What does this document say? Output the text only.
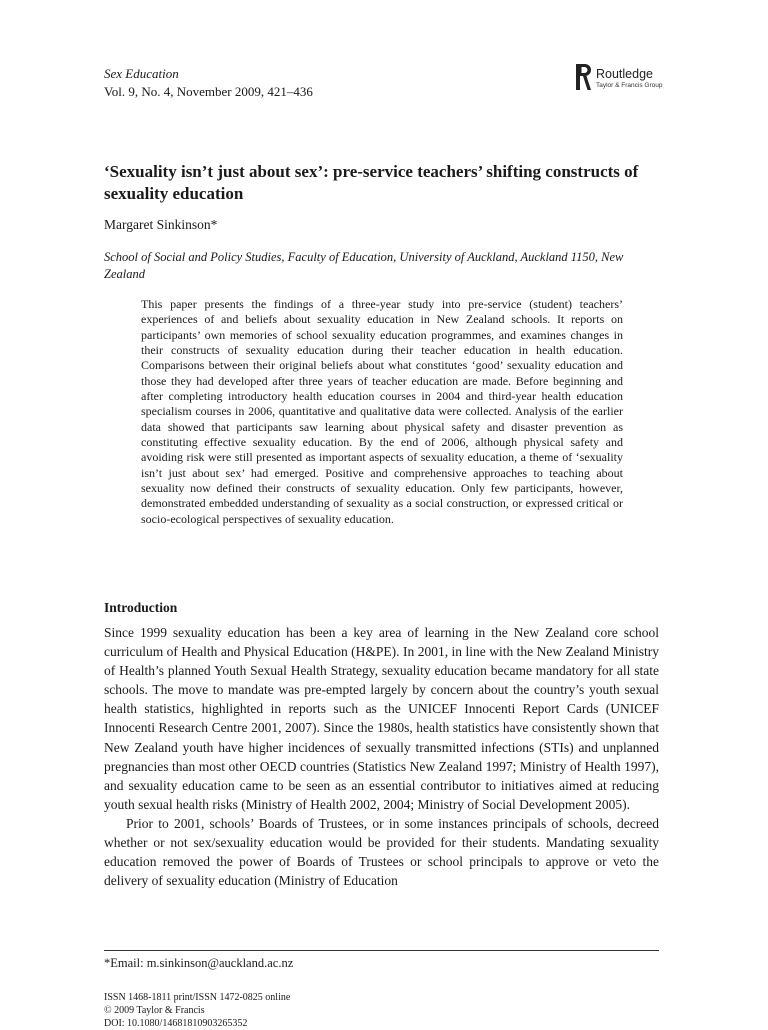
Sex Education
Vol. 9, No. 4, November 2009, 421–436
Routledge
Taylor & Francis Group
‘Sexuality isn’t just about sex’: pre-service teachers’ shifting constructs of sexuality education
Margaret Sinkinson*
School of Social and Policy Studies, Faculty of Education, University of Auckland, Auckland 1150, New Zealand
This paper presents the findings of a three-year study into pre-service (student) teachers’ experiences of and beliefs about sexuality education in New Zealand schools. It reports on participants’ own memories of school sexuality education programmes, and examines changes in their constructs of sexuality education during their teacher education in health education. Comparisons between their original beliefs about what constitutes ‘good’ sexuality education and those they had developed after three years of teacher education are made. Before beginning and after completing introductory health education courses in 2004 and third-year health education specialism courses in 2006, quantitative and qualitative data were collected. Analysis of the earlier data showed that participants saw learning about physical safety and disaster prevention as constituting effective sexuality education. By the end of 2006, although physical safety and avoiding risk were still presented as important aspects of sexuality education, a theme of ‘sexuality isn’t just about sex’ had emerged. Positive and comprehensive approaches to teaching about sexuality now defined their constructs of sexuality education. Only few participants, however, demonstrated embedded understanding of sexuality as a social construction, or expressed critical or socio-ecological perspectives of sexuality education.
Introduction

Since 1999 sexuality education has been a key area of learning in the New Zealand core school curriculum of Health and Physical Education (H&PE). In 2001, in line with the New Zealand Ministry of Health’s planned Youth Sexual Health Strategy, sexuality education became mandatory for all state schools. The move to mandate was pre-empted largely by concern about the country’s youth sexual health statistics, highlighted in reports such as the UNICEF Innocenti Report Cards (UNICEF Innocenti Research Centre 2001, 2007). Since the 1980s, health statistics have consistently shown that New Zealand youth have higher incidences of sexually transmitted infections (STIs) and unplanned pregnancies than most other OECD countries (Statistics New Zealand 1997; Ministry of Health 1997), and sexuality education came to be seen as an essential contributor to initiatives aimed at reducing youth sexual health risks (Ministry of Health 2002, 2004; Ministry of Social Development 2005).

Prior to 2001, schools’ Boards of Trustees, or in some instances principals of schools, decreed whether or not sex/sexuality education would be provided for their students. Mandating sexuality education removed the power of Boards of Trustees or school principals to approve or veto the delivery of sexuality education (Ministry of Education

*Email: m.sinkinson@auckland.ac.nz
ISSN 1468-1811 print/ISSN 1472-0825 online
© 2009 Taylor & Francis
DOI: 10.1080/14681810903265352
